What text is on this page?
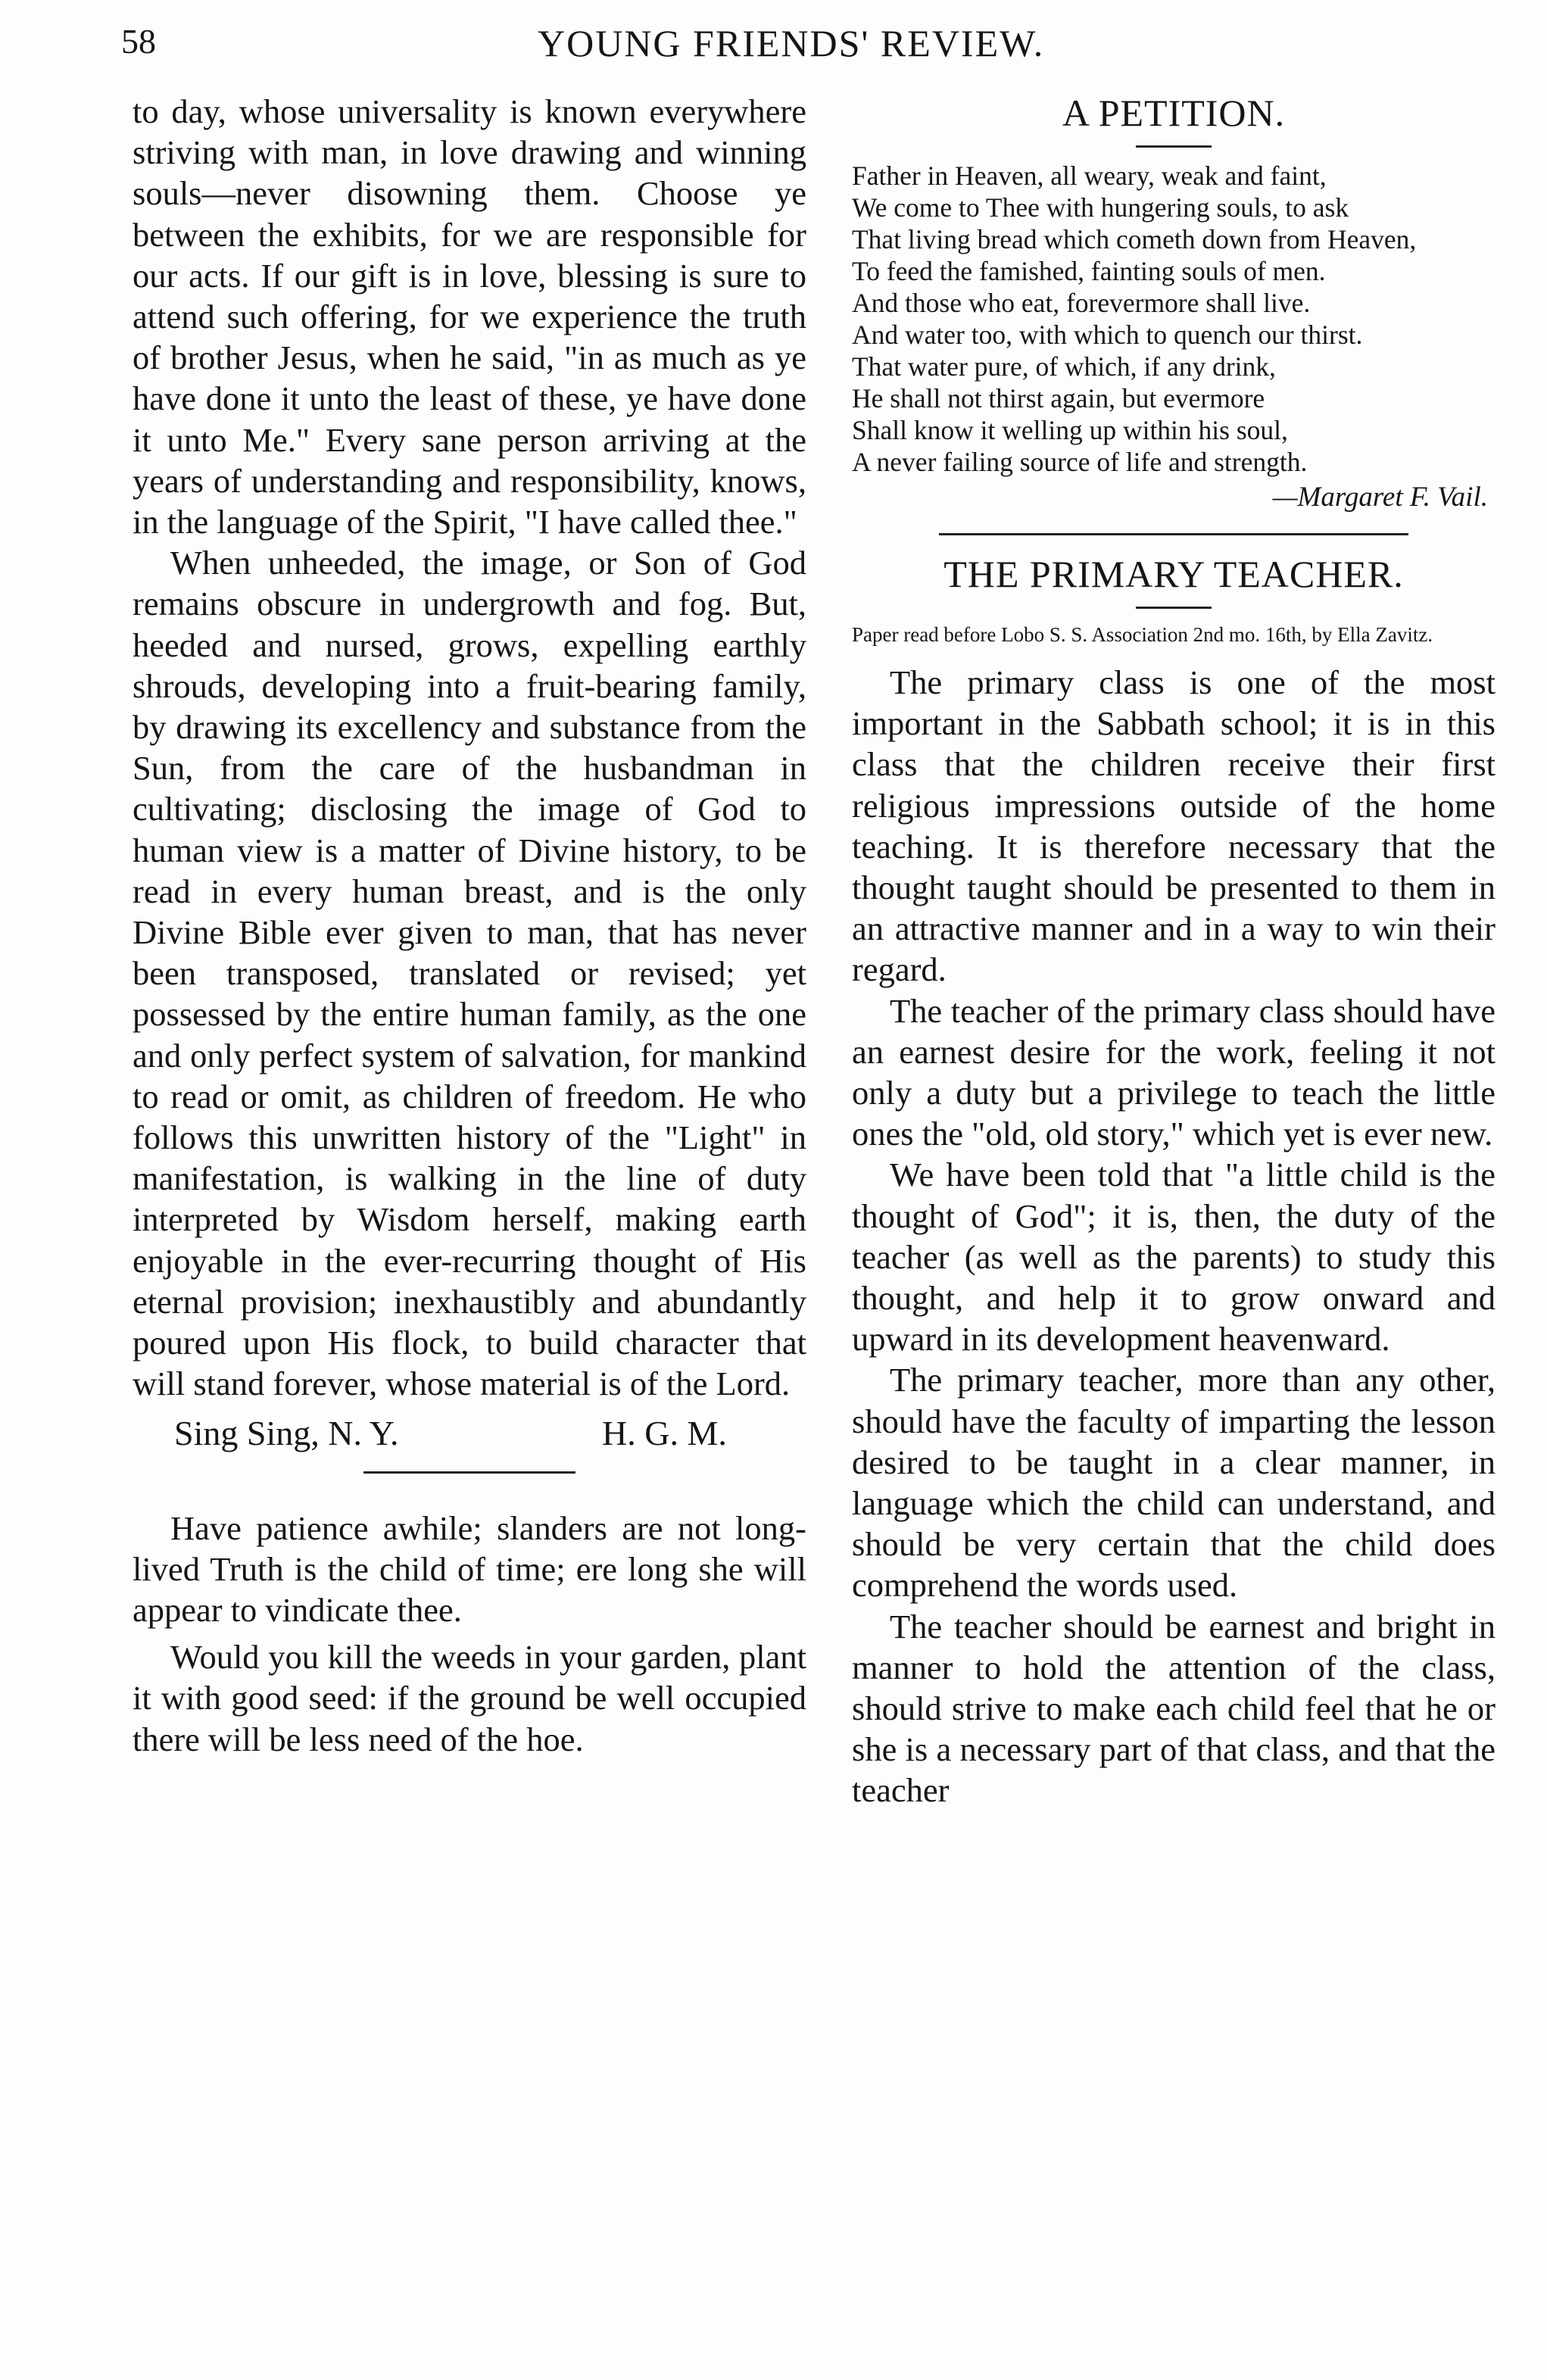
58	YOUNG FRIENDS' REVIEW.

to day, whose universality is known everywhere striving with man, in love drawing and winning souls—never disowning them. Choose ye between the exhibits, for we are responsible for our acts. If our gift is in love, blessing is sure to attend such offering, for we experience the truth of brother Jesus, when he said, "in as much as ye have done it unto the least of these, ye have done it unto Me." Every sane person arriving at the years of understanding and responsibility, knows, in the language of the Spirit, "I have called thee."

When unheeded, the image, or Son of God remains obscure in undergrowth and fog. But, heeded and nursed, grows, expelling earthly shrouds, developing into a fruit-bearing family, by drawing its excellency and substance from the Sun, from the care of the husbandman in cultivating; disclosing the image of God to human view is a matter of Divine history, to be read in every human breast, and is the only Divine Bible ever given to man, that has never been transposed, translated or revised; yet possessed by the entire human family, as the one and only perfect system of salvation, for mankind to read or omit, as children of freedom. He who follows this unwritten history of the "Light" in manifestation, is walking in the line of duty interpreted by Wisdom herself, making earth enjoyable in the ever-recurring thought of His eternal provision; inexhaustibly and abundantly poured upon His flock, to build character that will stand forever, whose material is of the Lord.

Sing Sing, N. Y.	H. G. M.

Have patience awhile; slanders are not long-lived Truth is the child of time; ere long she will appear to vindicate thee.

Would you kill the weeds in your garden, plant it with good seed: if the ground be well occupied there will be less need of the hoe.

A PETITION.
Father in Heaven, all weary, weak and faint,
We come to Thee with hungering souls, to ask
That living bread which cometh down from Heaven,
To feed the famished, fainting souls of men.
And those who eat, forevermore shall live.
And water too, with which to quench our thirst.
That water pure, of which, if any drink,
He shall not thirst again, but evermore
Shall know it welling up within his soul,
A never failing source of life and strength.
—Margaret F. Vail.
THE PRIMARY TEACHER.

Paper read before Lobo S. S. Association 2nd mo. 16th, by Ella Zavitz.

The primary class is one of the most important in the Sabbath school; it is in this class that the children receive their first religious impressions outside of the home teaching. It is therefore necessary that the thought taught should be presented to them in an attractive manner and in a way to win their regard.

The teacher of the primary class should have an earnest desire for the work, feeling it not only a duty but a privilege to teach the little ones the "old, old story," which yet is ever new.

We have been told that "a little child is the thought of God"; it is, then, the duty of the teacher (as well as the parents) to study this thought, and help it to grow onward and upward in its development heavenward.

The primary teacher, more than any other, should have the faculty of imparting the lesson desired to be taught in a clear manner, in language which the child can understand, and should be very certain that the child does comprehend the words used.

The teacher should be earnest and bright in manner to hold the attention of the class, should strive to make each child feel that he or she is a necessary part of that class, and that the teacher
